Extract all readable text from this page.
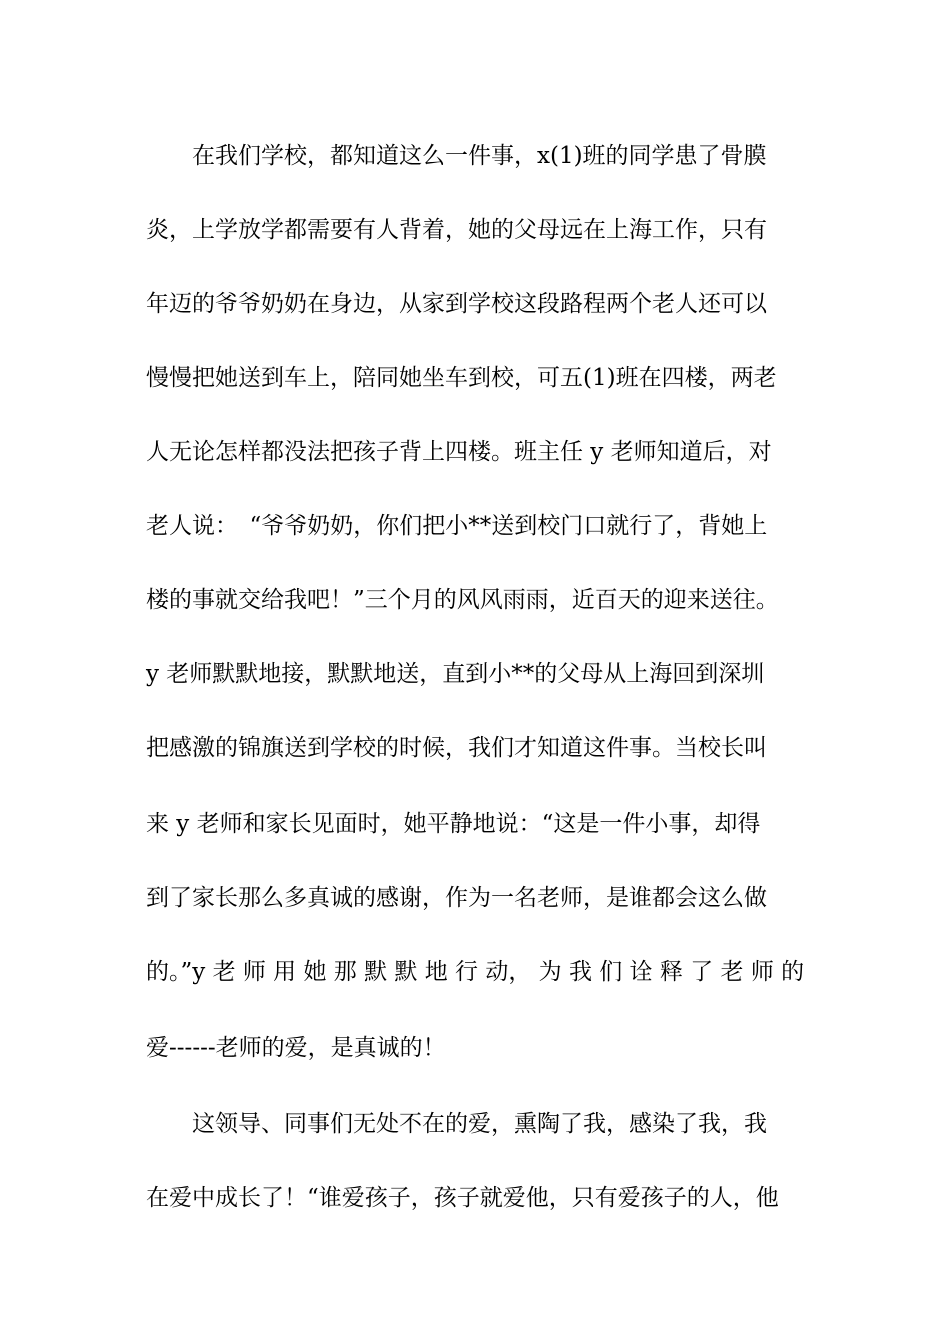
在我们学校，都知道这么一件事，x(1)班的同学患了骨膜
炎，上学放学都需要有人背着，她的父母远在上海工作，只有
年迈的爷爷奶奶在身边，从家到学校这段路程两个老人还可以
慢慢把她送到车上，陪同她坐车到校，可五(1)班在四楼，两老
人无论怎样都没法把孩子背上四楼。班主任 y 老师知道后，对
老人说：　“爷爷奶奶，你们把小**送到校门口就行了，背她上
楼的事就交给我吧！”三个月的风风雨雨，近百天的迎来送往。
y 老师默默地接，默默地送，直到小**的父母从上海回到深圳
把感激的锦旗送到学校的时候，我们才知道这件事。当校长叫
来 y 老师和家长见面时，她平静地说：“这是一件小事，却得
到了家长那么多真诚的感谢，作为一名老师，是谁都会这么做
的。”y 老 师 用 她 那 默 默 地 行 动， 为 我 们 诠 释 了 老 师 的
爱------老师的爱，是真诚的！
这领导、同事们无处不在的爱，熏陶了我，感染了我，我
在爱中成长了！“谁爱孩子，孩子就爱他，只有爱孩子的人，他
